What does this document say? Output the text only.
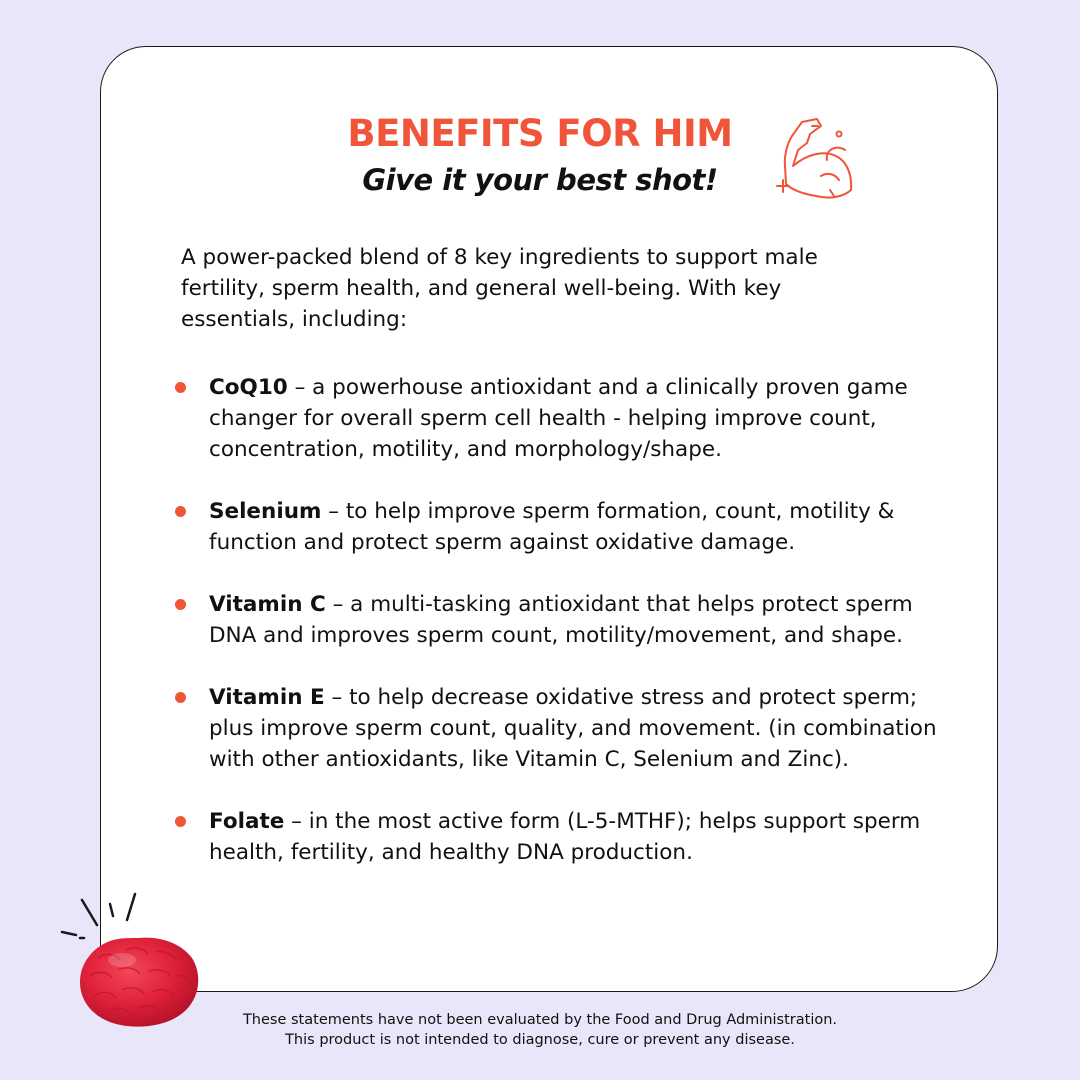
BENEFITS FOR HIM
Give it your best shot!

A power-packed blend of 8 key ingredients to support male fertility, sperm health, and general well-being. With key essentials, including:

CoQ10 – a powerhouse antioxidant and a clinically proven game changer for overall sperm cell health - helping improve count, concentration, motility, and morphology/shape.
Selenium – to help improve sperm formation, count, motility & function and protect sperm against oxidative damage.
Vitamin C – a multi-tasking antioxidant that helps protect sperm DNA and improves sperm count, motility/movement, and shape.
Vitamin E – to help decrease oxidative stress and protect sperm; plus improve sperm count, quality, and movement. (in combination with other antioxidants, like Vitamin C, Selenium and Zinc).
Folate – in the most active form (L-5-MTHF); helps support sperm health, fertility, and healthy DNA production.

These statements have not been evaluated by the Food and Drug Administration.
This product is not intended to diagnose, cure or prevent any disease.
